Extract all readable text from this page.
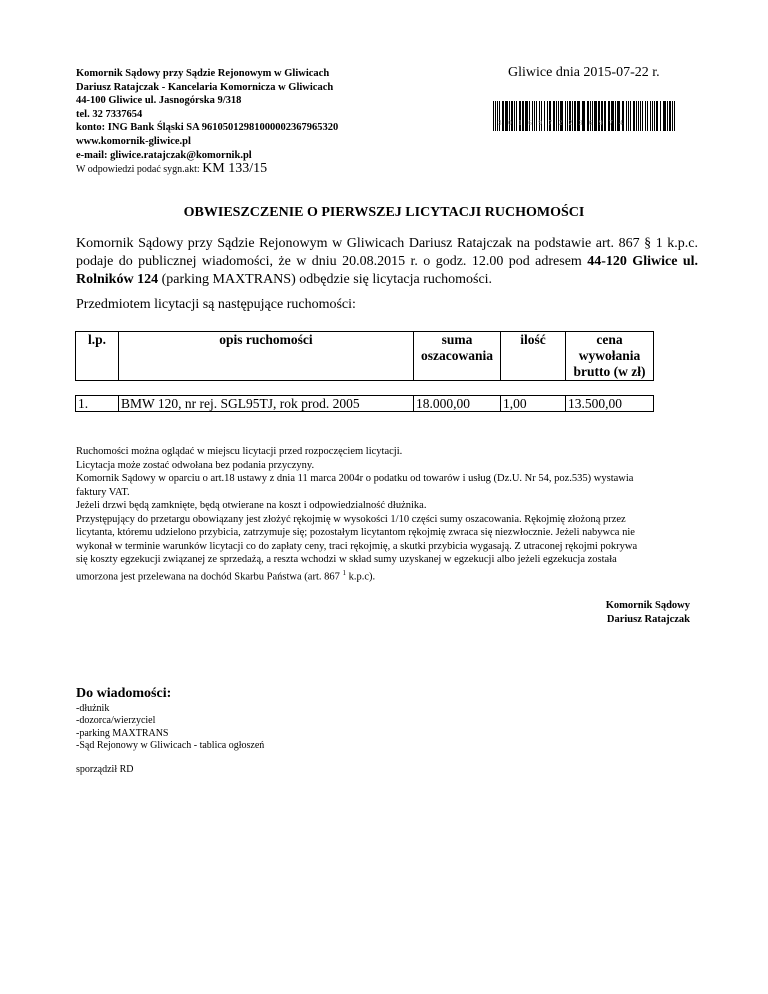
Komornik Sądowy przy Sądzie Rejonowym w Gliwicach
Dariusz Ratajczak - Kancelaria Komornicza w Gliwicach
44-100 Gliwice ul. Jasnogórska 9/318
tel. 32 7337654
konto: ING Bank Śląski SA 96105012981000002367965320
www.komornik-gliwice.pl
e-mail: gliwice.ratajczak@komornik.pl
W odpowiedzi podać sygn.akt: KM 133/15
Gliwice dnia 2015-07-22 r.
3016972236974
OBWIESZCZENIE O PIERWSZEJ LICYTACJI RUCHOMOŚCI
Komornik Sądowy przy Sądzie Rejonowym w Gliwicach Dariusz Ratajczak na podstawie art. 867 § 1 k.p.c. podaje do publicznej wiadomości, że w dniu 20.08.2015 r. o godz. 12.00 pod adresem 44-120 Gliwice ul. Rolników 124 (parking MAXTRANS) odbędzie się licytacja ruchomości.
Przedmiotem licytacji są następujące ruchomości:
l.p.	opis ruchomości	suma oszacowania	ilość	cena wywołania brutto (w zł)

1.	BMW 120, nr rej. SGL95TJ, rok prod. 2005	18.000,00	1,00	13.500,00
Ruchomości można oglądać w miejscu licytacji przed rozpoczęciem licytacji.
Licytacja może zostać odwołana bez podania przyczyny.
Komornik Sądowy w oparciu o art.18 ustawy z dnia 11 marca 2004r o podatku od towarów i usług (Dz.U. Nr 54, poz.535) wystawia
faktury VAT.
Jeżeli drzwi będą zamknięte, będą otwierane na koszt i odpowiedzialność dłużnika.
Przystępujący do przetargu obowiązany jest złożyć rękojmię w wysokości 1/10 części sumy oszacowania. Rękojmię złożoną przez
licytanta, któremu udzielono przybicia, zatrzymuje się; pozostałym licytantom rękojmię zwraca się niezwłocznie. Jeżeli nabywca nie
wykonał w terminie warunków licytacji co do zapłaty ceny, traci rękojmię, a skutki przybicia wygasają. Z utraconej rękojmi pokrywa
się koszty egzekucji związanej ze sprzedażą, a reszta wchodzi w skład sumy uzyskanej w egzekucji albo jeżeli egzekucja została
umorzona jest przelewana na dochód Skarbu Państwa (art. 867 $^1$ k.p.c).
Komornik Sądowy
Dariusz Ratajczak
Do wiadomości:
-dłużnik
-dozorca/wierzyciel
-parking MAXTRANS
-Sąd Rejonowy w Gliwicach - tablica ogłoszeń
sporządził RD
